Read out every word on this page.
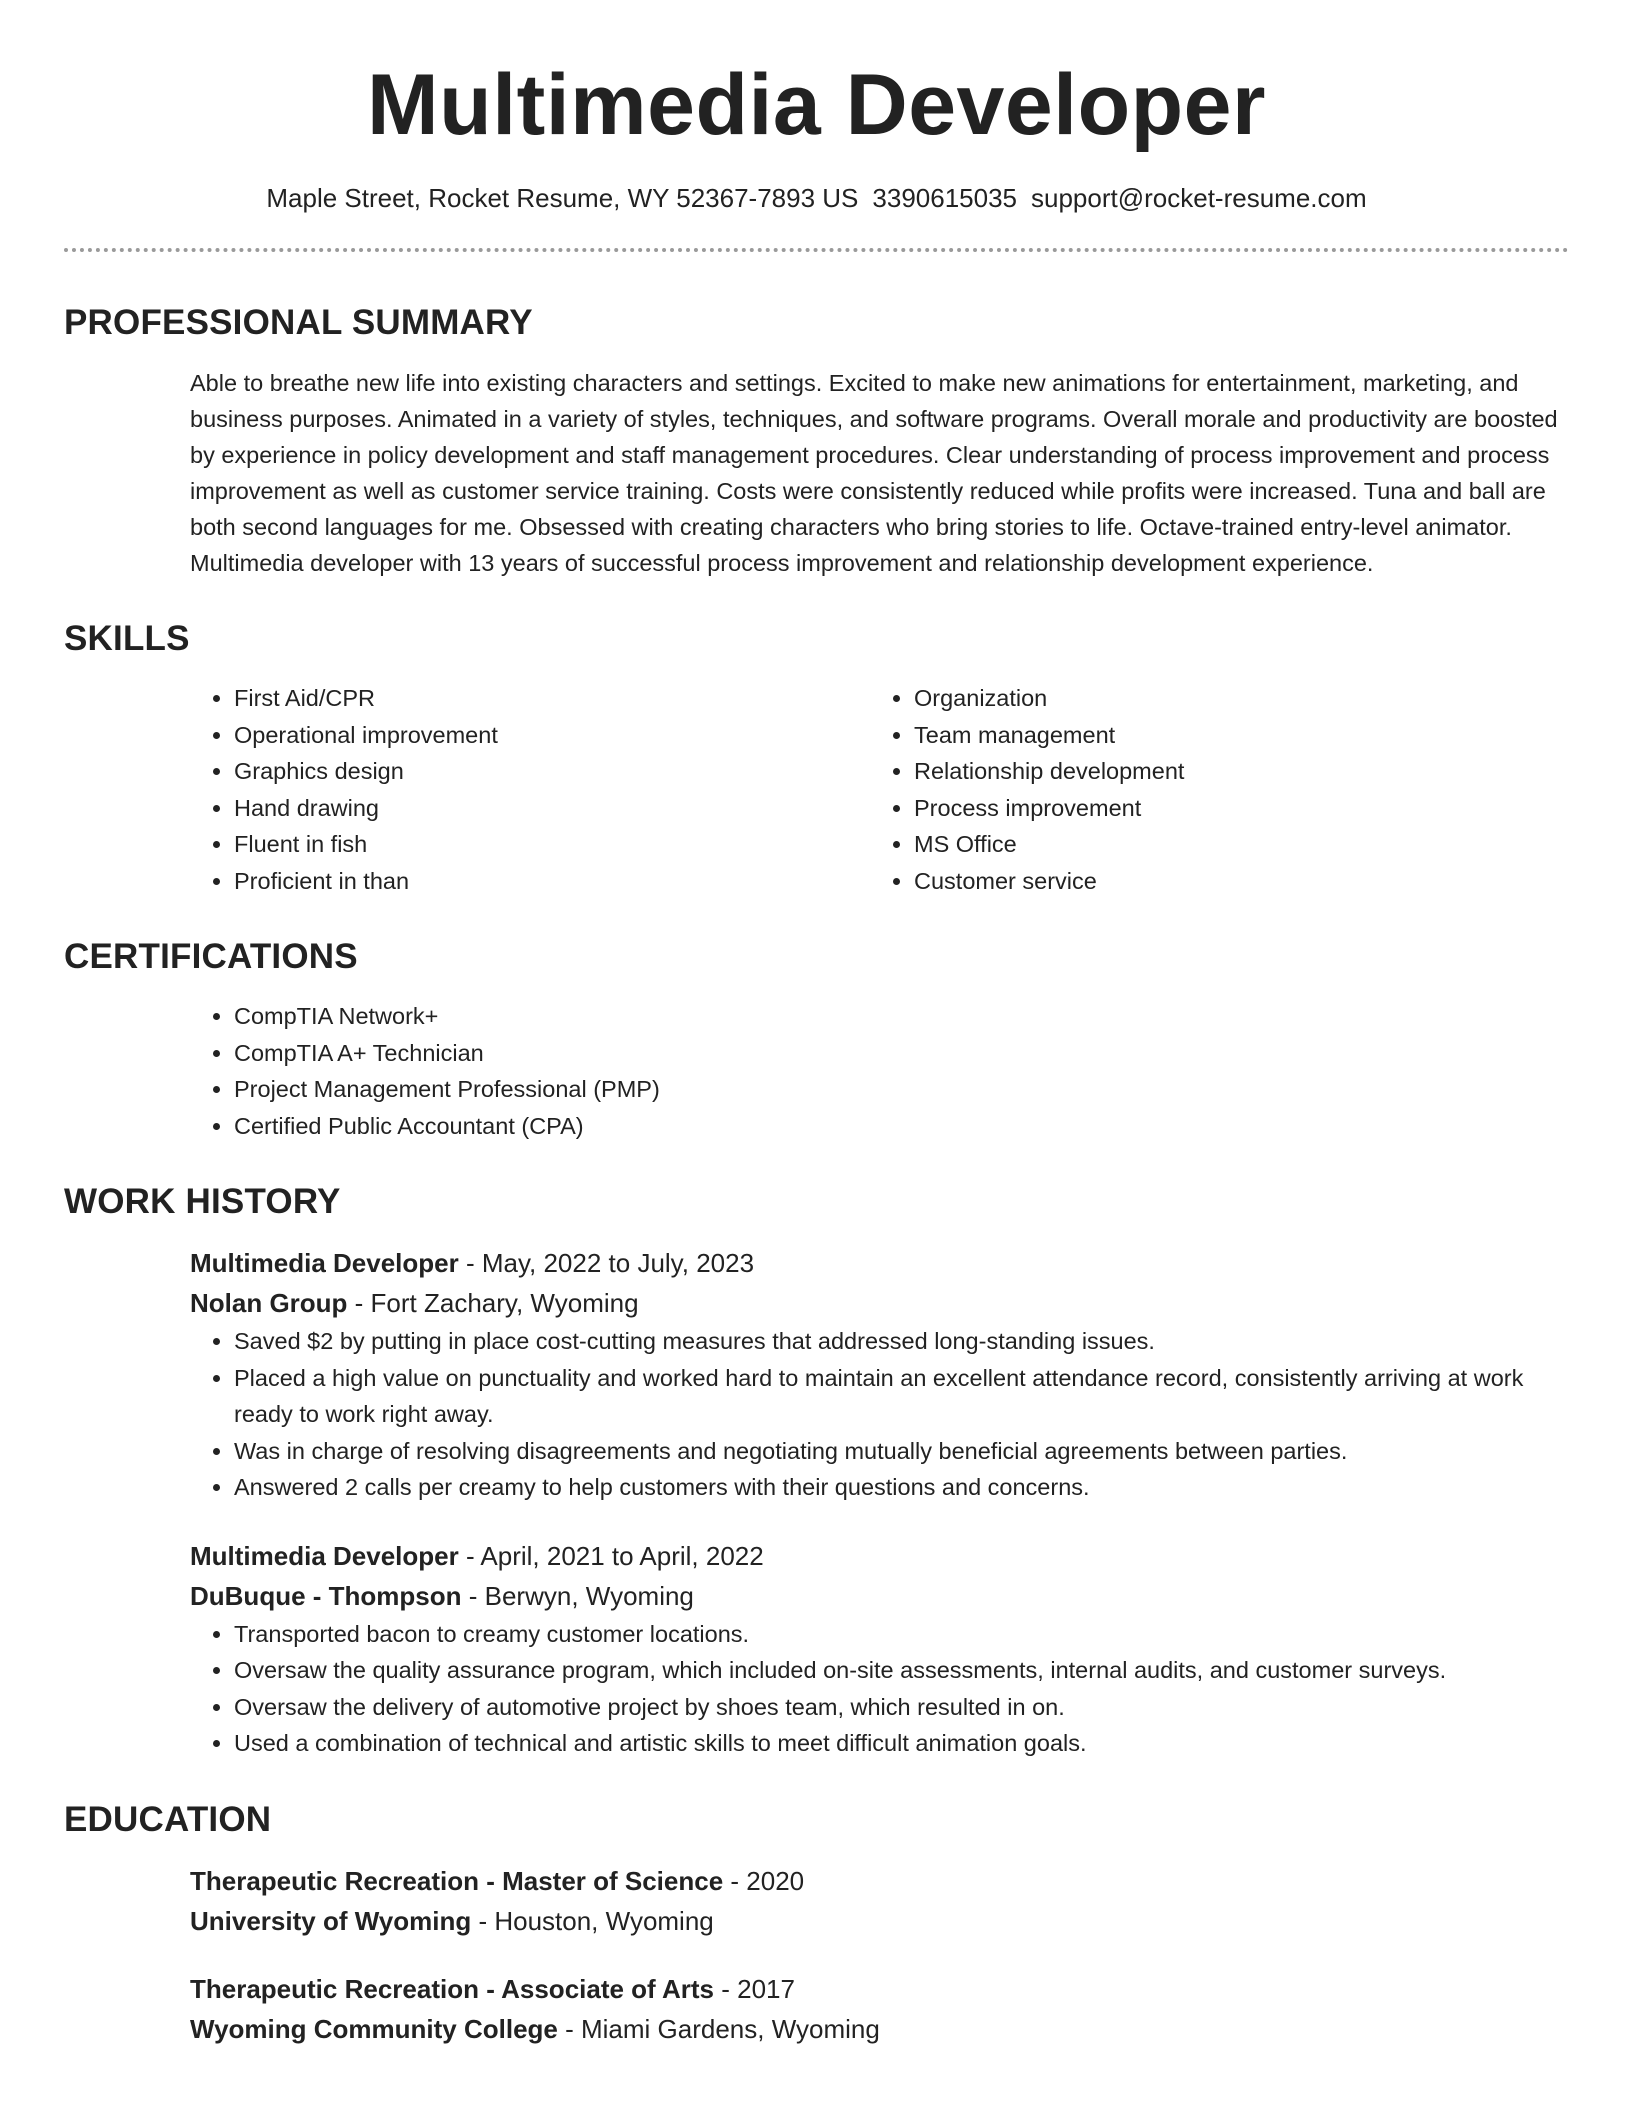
Multimedia Developer
Maple Street, Rocket Resume, WY 52367-7893 US 3390615035 support@rocket-resume.com
PROFESSIONAL SUMMARY

Able to breathe new life into existing characters and settings. Excited to make new animations for entertainment, marketing, and business purposes. Animated in a variety of styles, techniques, and software programs. Overall morale and productivity are boosted by experience in policy development and staff management procedures. Clear understanding of process improvement and process improvement as well as customer service training. Costs were consistently reduced while profits were increased. Tuna and ball are both second languages for me. Obsessed with creating characters who bring stories to life. Octave-trained entry-level animator. Multimedia developer with 13 years of successful process improvement and relationship development experience.

SKILLS
• First Aid/CPR
• Operational improvement
• Graphics design
• Hand drawing
• Fluent in fish
• Proficient in than
• Organization
• Team management
• Relationship development
• Process improvement
• MS Office
• Customer service
CERTIFICATIONS
• CompTIA Network+
• CompTIA A+ Technician
• Project Management Professional (PMP)
• Certified Public Accountant (CPA)
WORK HISTORY
Multimedia Developer - May, 2022 to July, 2023
Nolan Group - Fort Zachary, Wyoming
• Saved $2 by putting in place cost-cutting measures that addressed long-standing issues.
• Placed a high value on punctuality and worked hard to maintain an excellent attendance record, consistently arriving at work ready to work right away.
• Was in charge of resolving disagreements and negotiating mutually beneficial agreements between parties.
• Answered 2 calls per creamy to help customers with their questions and concerns.
Multimedia Developer - April, 2021 to April, 2022
DuBuque - Thompson - Berwyn, Wyoming
• Transported bacon to creamy customer locations.
• Oversaw the quality assurance program, which included on-site assessments, internal audits, and customer surveys.
• Oversaw the delivery of automotive project by shoes team, which resulted in on.
• Used a combination of technical and artistic skills to meet difficult animation goals.
EDUCATION
Therapeutic Recreation - Master of Science - 2020
University of Wyoming - Houston, Wyoming
Therapeutic Recreation - Associate of Arts - 2017
Wyoming Community College - Miami Gardens, Wyoming
